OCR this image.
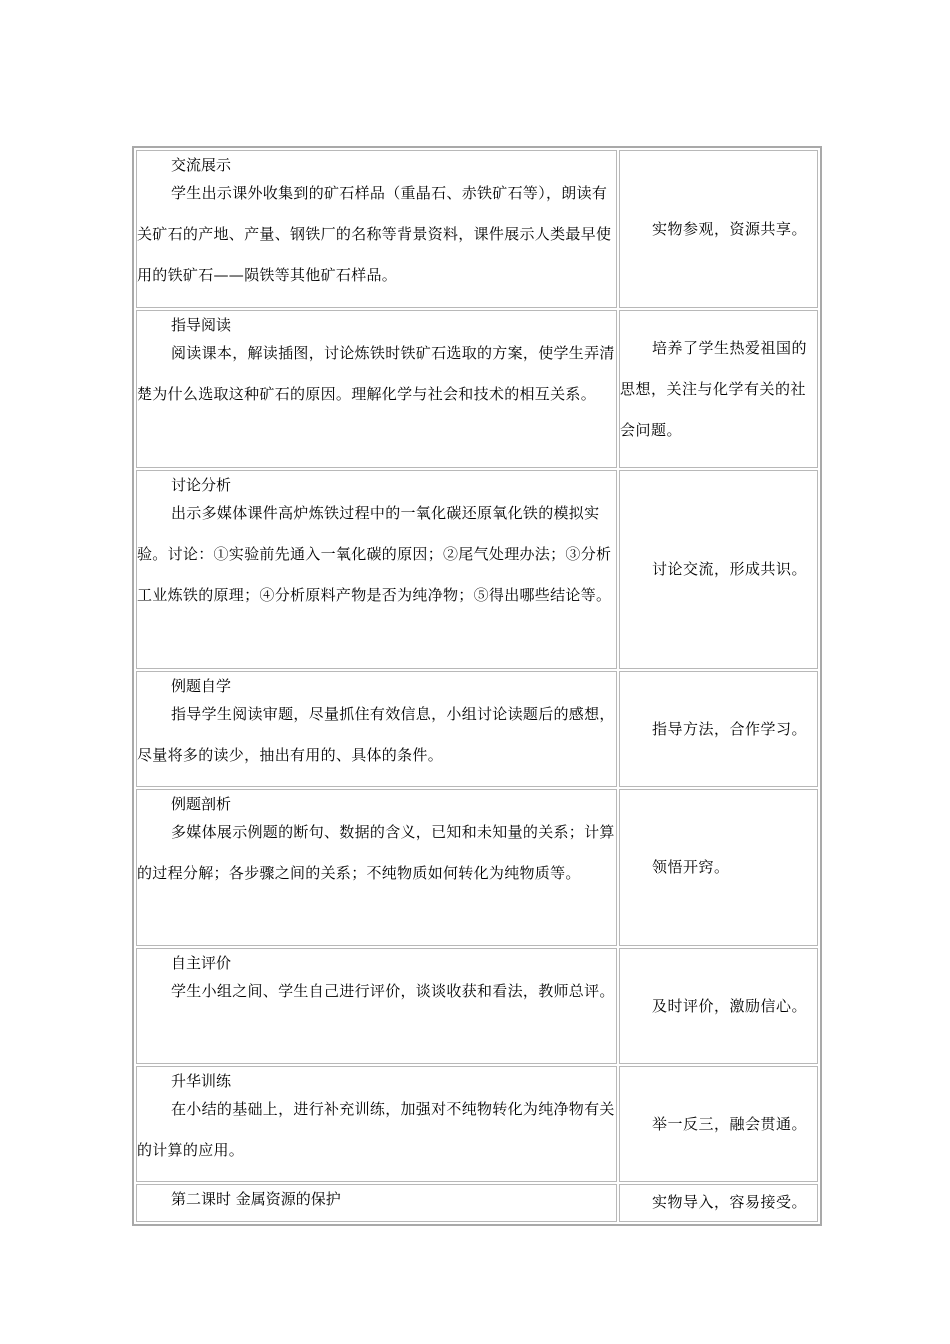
交流展示
学生出示课外收集到的矿石样品（重晶石、赤铁矿石等），朗读有关矿石的产地、产量、钢铁厂的名称等背景资料，课件展示人类最早使用的铁矿石——陨铁等其他矿石样品。	实物参观，资源共享。

指导阅读
阅读课本，解读插图，讨论炼铁时铁矿石选取的方案，使学生弄清楚为什么选取这种矿石的原因。理解化学与社会和技术的相互关系。	培养了学生热爱祖国的思想，关注与化学有关的社会问题。

讨论分析
出示多媒体课件高炉炼铁过程中的一氧化碳还原氧化铁的模拟实验。讨论：①实验前先通入一氧化碳的原因；②尾气处理办法；③分析工业炼铁的原理；④分析原料产物是否为纯净物；⑤得出哪些结论等。	讨论交流，形成共识。

例题自学
指导学生阅读审题，尽量抓住有效信息，小组讨论读题后的感想，尽量将多的读少，抽出有用的、具体的条件。	指导方法，合作学习。

例题剖析
多媒体展示例题的断句、数据的含义，已知和未知量的关系；计算的过程分解；各步骤之间的关系；不纯物质如何转化为纯物质等。	领悟开窍。

自主评价
学生小组之间、学生自己进行评价，谈谈收获和看法，教师总评。	及时评价，激励信心。

升华训练
在小结的基础上，进行补充训练，加强对不纯物转化为纯净物有关的计算的应用。	举一反三，融会贯通。

第二课时 金属资源的保护	实物导入，容易接受。
